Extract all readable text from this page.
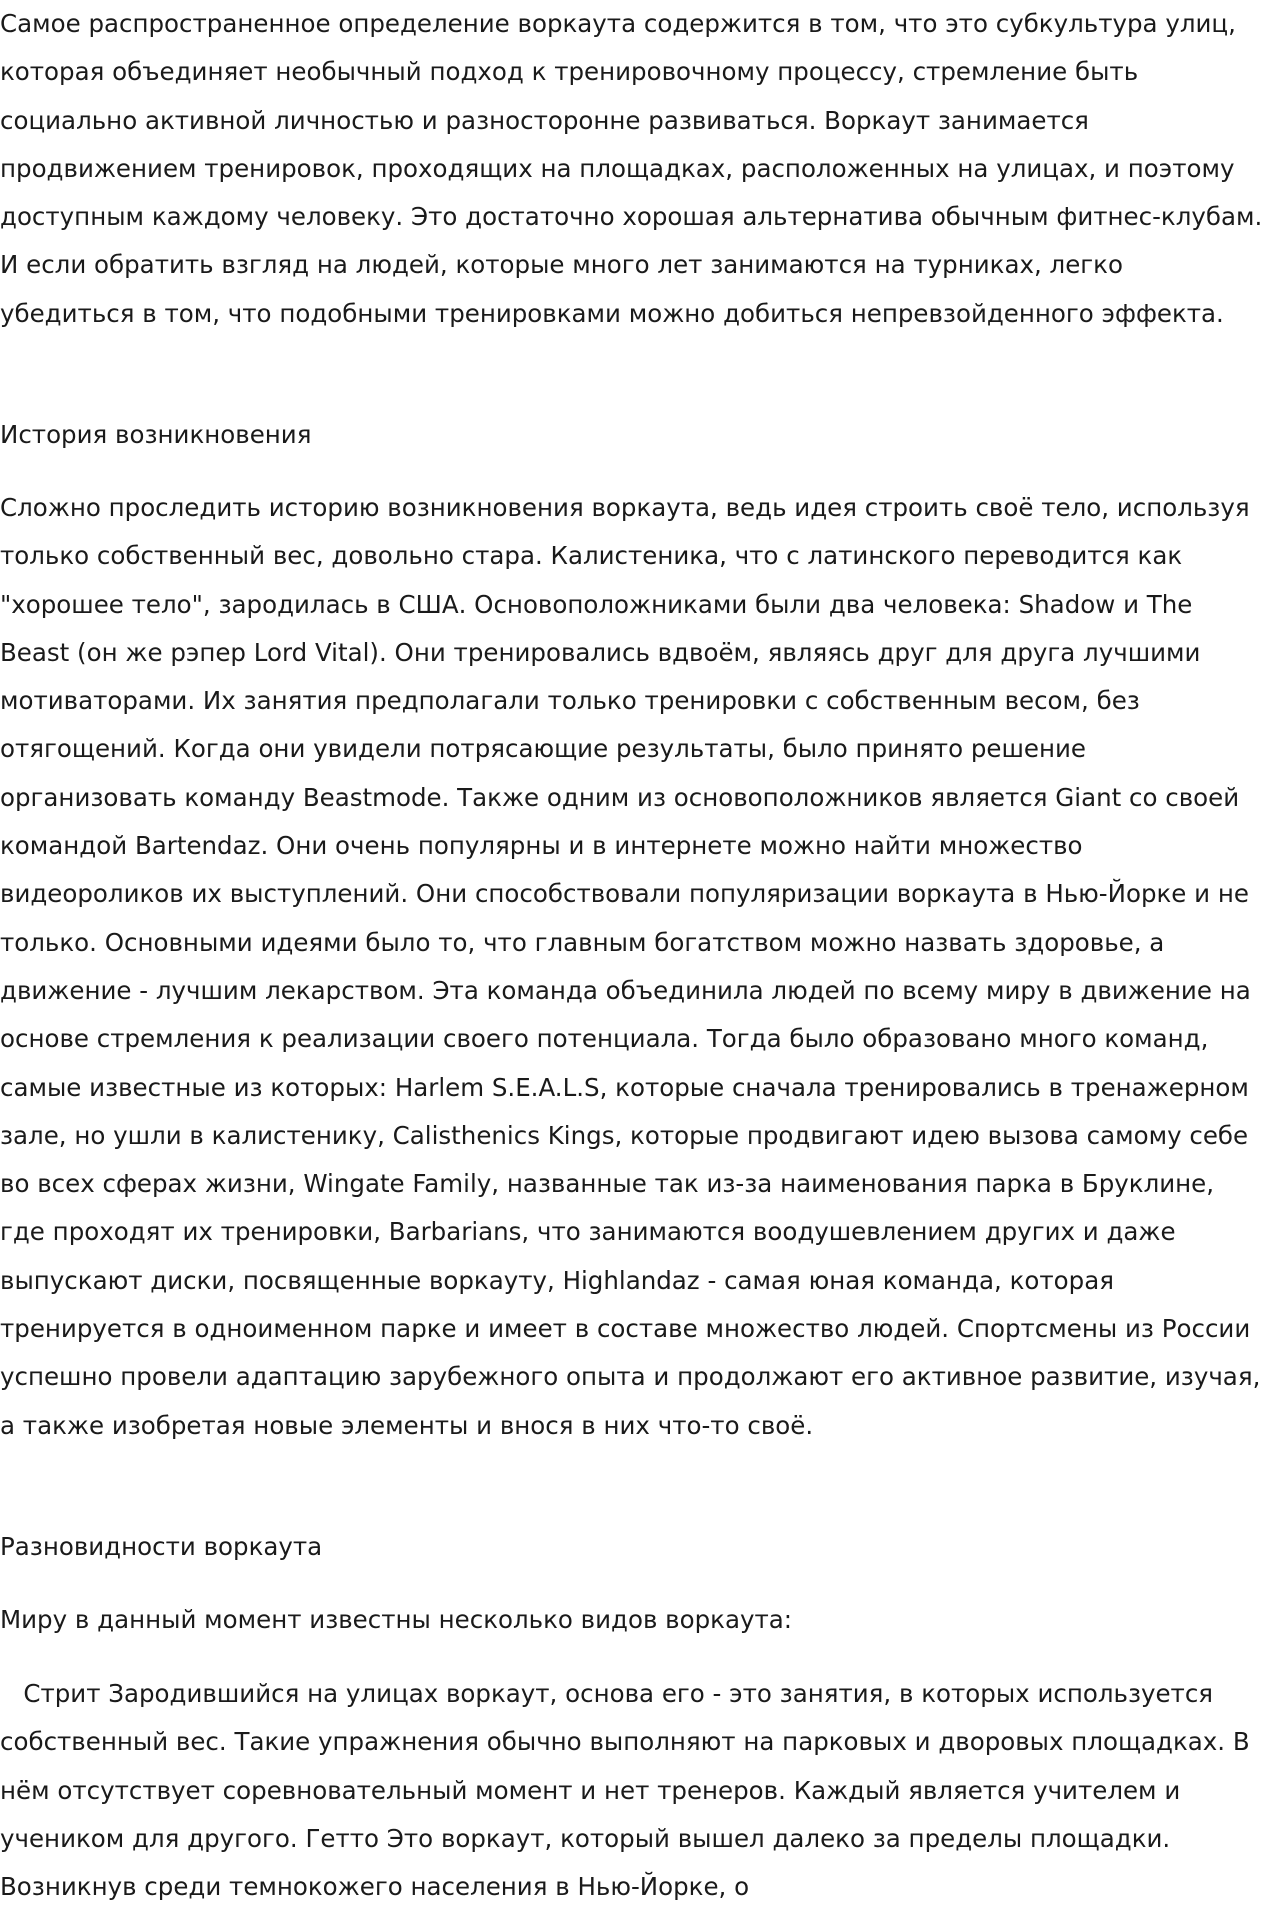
Самое распространенное определение воркаута содержится в том, что это субкультура улиц, которая объединяет необычный подход к тренировочному процессу, стремление быть социально активной личностью и разносторонне развиваться. Воркаут занимается продвижением тренировок, проходящих на площадках, расположенных на улицах, и поэтому доступным каждому человеку. Это достаточно хорошая альтернатива обычным фитнес-клубам. И если обратить взгляд на людей, которые много лет занимаются на турниках, легко убедиться в том, что подобными тренировками можно добиться непревзойденного эффекта.

История возникновения

Сложно проследить историю возникновения воркаута, ведь идея строить своё тело, используя только собственный вес, довольно стара. Калистеника, что с латинского переводится как "хорошее тело", зародилась в США. Основоположниками были два человека: Shadow и The Beast (он же рэпер Lord Vital). Они тренировались вдвоём, являясь друг для друга лучшими мотиваторами. Их занятия предполагали только тренировки с собственным весом, без отягощений. Когда они увидели потрясающие результаты, было принято решение организовать команду Beastmode. Также одним из основоположников является Giant со своей командой Bartendaz. Они очень популярны и в интернете можно найти множество видеороликов их выступлений. Они способствовали популяризации воркаута в Нью-Йорке и не только. Основными идеями было то, что главным богатством можно назвать здоровье, а движение - лучшим лекарством. Эта команда объединила людей по всему миру в движение на основе стремления к реализации своего потенциала. Тогда было образовано много команд, самые известные из которых: Harlem S.E.A.L.S, которые сначала тренировались в тренажерном зале, но ушли в калистенику, Calisthenics Kings, которые продвигают идею вызова самому себе во всех сферах жизни, Wingate Family, названные так из-за наименования парка в Бруклине, где проходят их тренировки, Barbarians, что занимаются воодушевлением других и даже выпускают диски, посвященные воркауту, Highlandaz - самая юная команда, которая тренируется в одноименном парке и имеет в составе множество людей. Спортсмены из России успешно провели адаптацию зарубежного опыта и продолжают его активное развитие, изучая, а также изобретая новые элементы и внося в них что-то своё.

Разновидности воркаута

Миру в данный момент известны несколько видов воркаута:

Стрит Зародившийся на улицах воркаут, основа его - это занятия, в которых используется собственный вес. Такие упражнения обычно выполняют на парковых и дворовых площадках. В нём отсутствует соревновательный момент и нет тренеров. Каждый является учителем и учеником для другого. Гетто Это воркаут, который вышел далеко за пределы площадки. Возникнув среди темнокожего населения в Нью-Йорке, о
